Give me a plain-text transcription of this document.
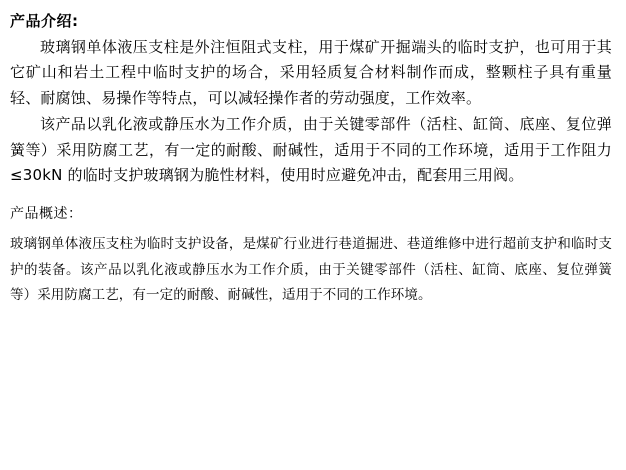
产品介绍:

玻璃钢单体液压支柱是外注恒阻式支柱，用于煤矿开掘端头的临时支护，也可用于其它矿山和岩土工程中临时支护的场合，采用轻质复合材料制作而成，整颗柱子具有重量轻、耐腐蚀、易操作等特点，可以减轻操作者的劳动强度，工作效率。

该产品以乳化液或静压水为工作介质，由于关键零部件（活柱、缸筒、底座、复位弹簧等）采用防腐工艺，有一定的耐酸、耐碱性，适用于不同的工作环境，适用于工作阻力≤30kN 的临时支护玻璃钢为脆性材料，使用时应避免冲击，配套用三用阀。

产品概述：

玻璃钢单体液压支柱为临时支护设备，是煤矿行业进行巷道掘进、巷道维修中进行超前支护和临时支护的装备。该产品以乳化液或静压水为工作介质，由于关键零部件（活柱、缸筒、底座、复位弹簧等）采用防腐工艺，有一定的耐酸、耐碱性，适用于不同的工作环境。
